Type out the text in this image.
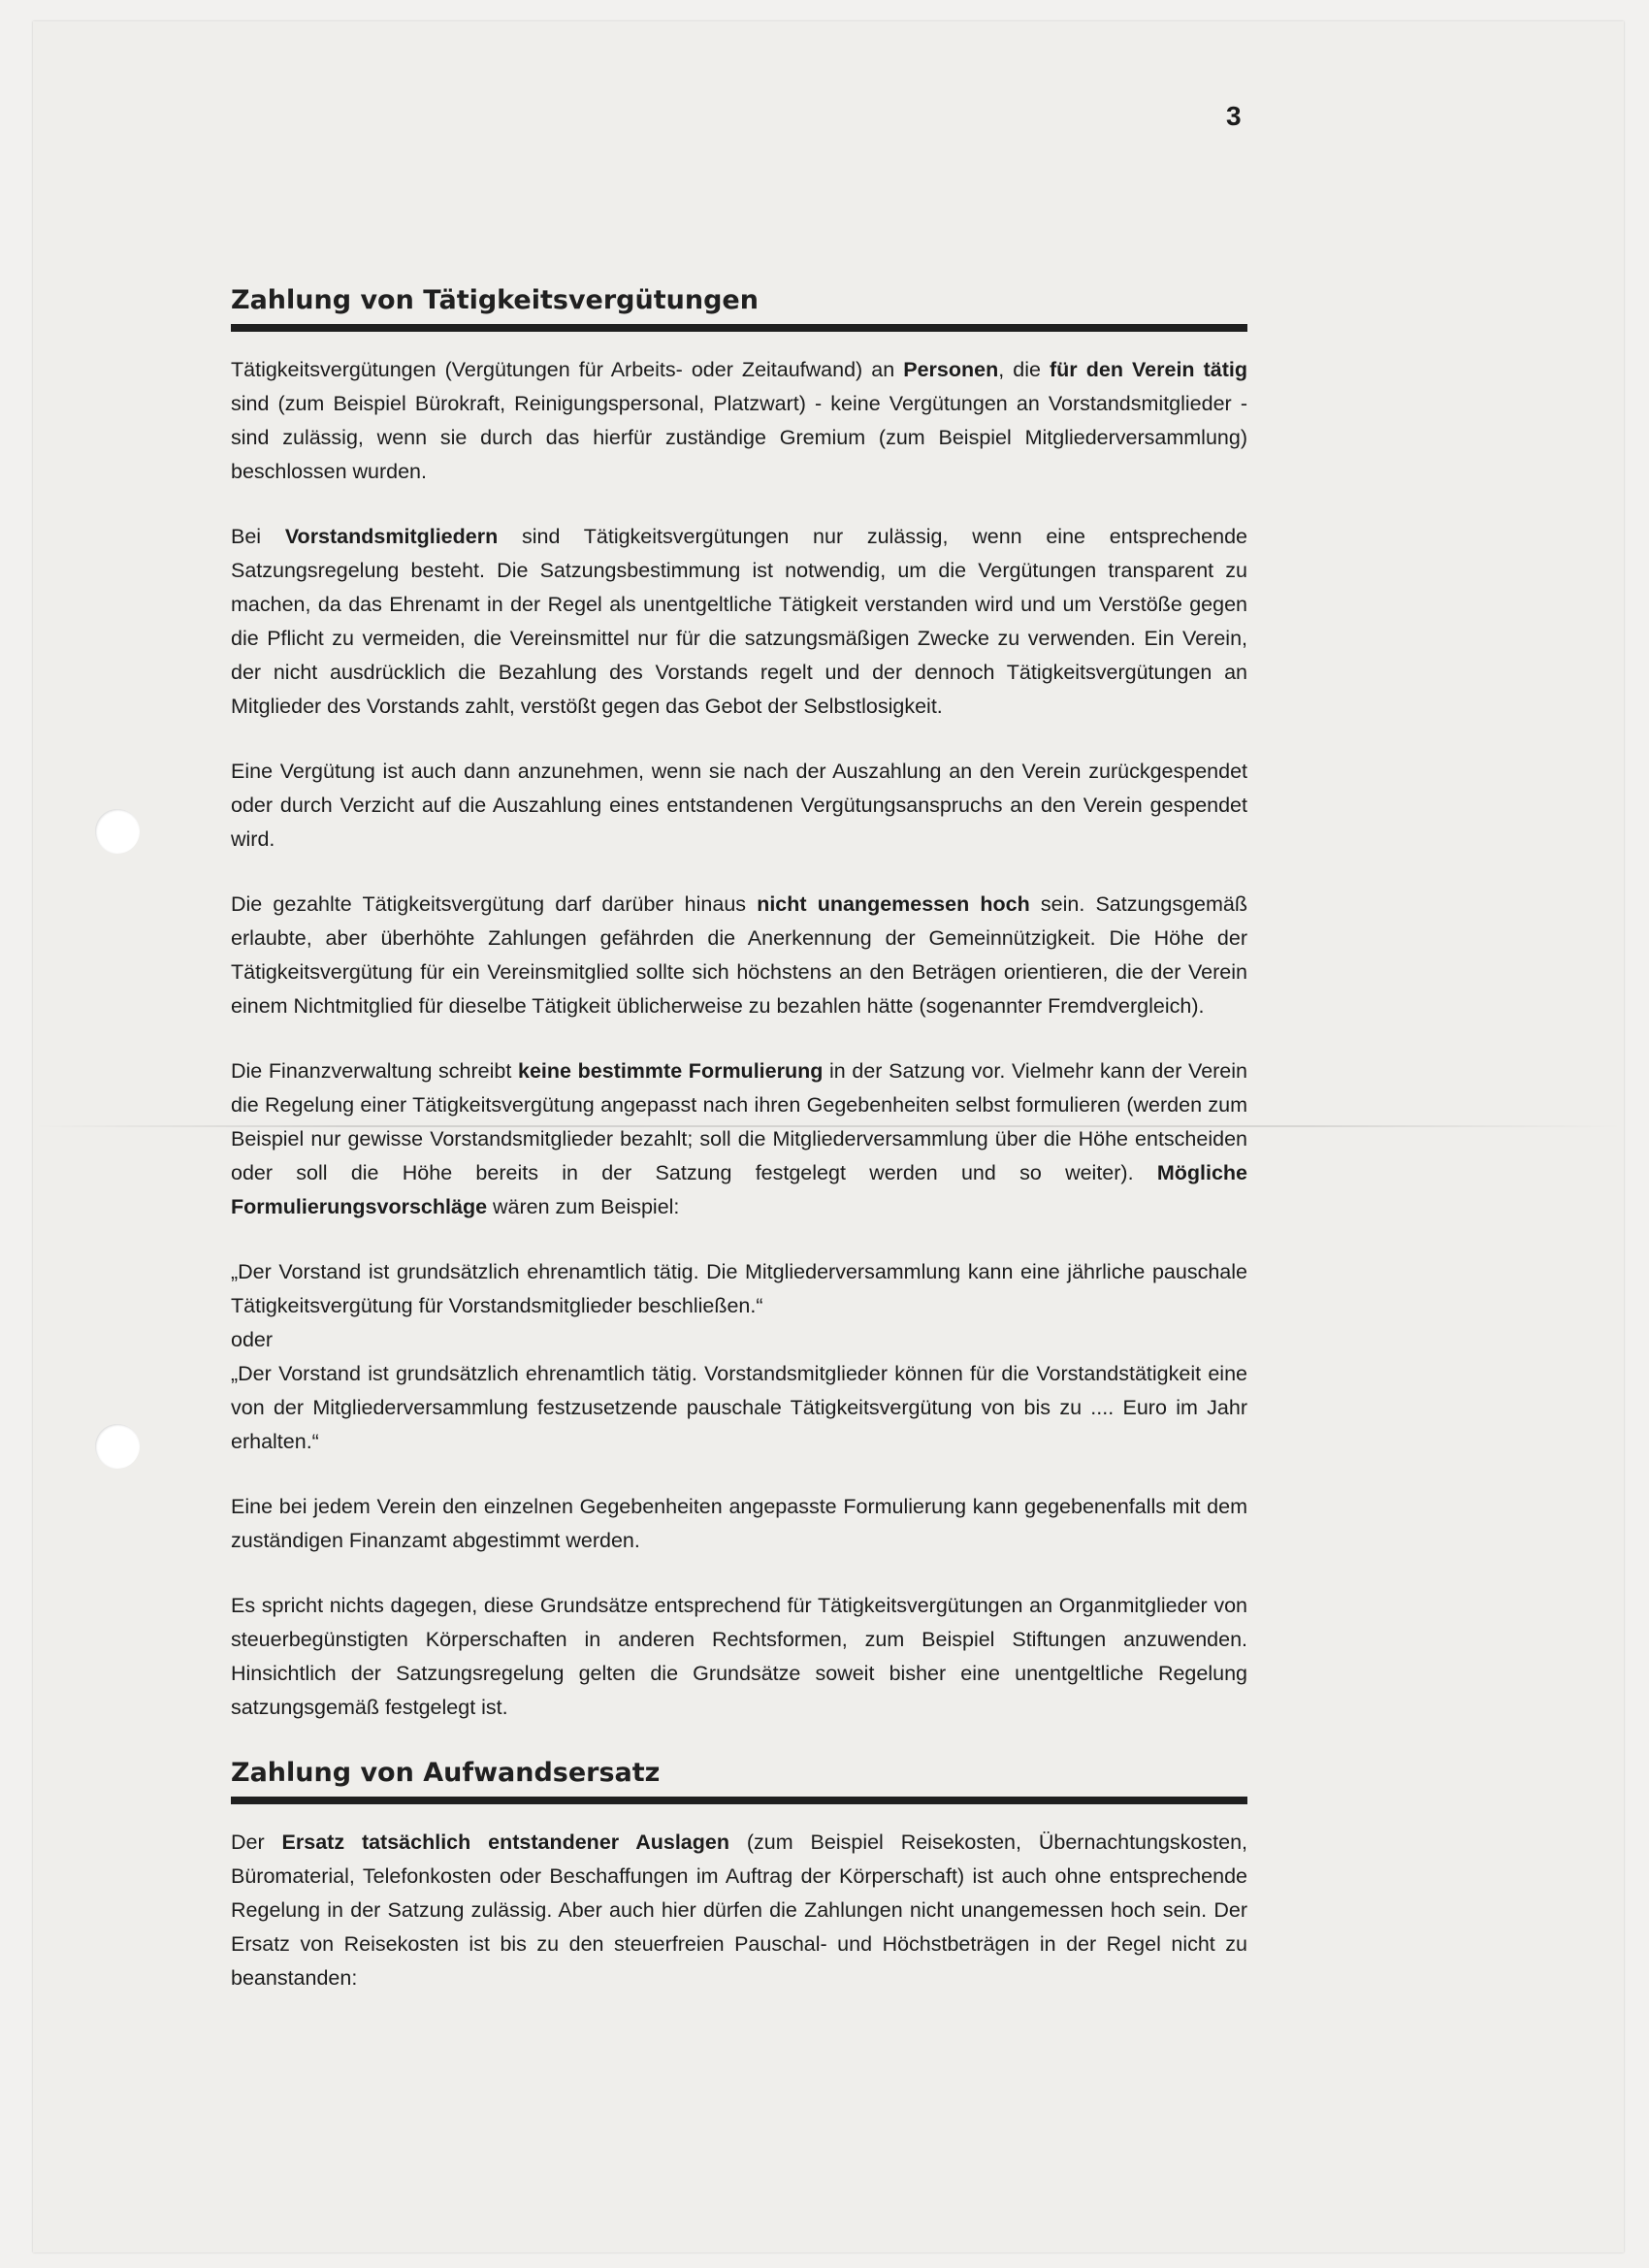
3
Zahlung von Tätigkeitsvergütungen

Tätigkeitsvergütungen (Vergütungen für Arbeits- oder Zeitaufwand) an Personen, die für den Verein tätig sind (zum Beispiel Bürokraft, Reinigungspersonal, Platzwart) - keine Vergütungen an Vorstandsmitglieder - sind zulässig, wenn sie durch das hierfür zuständige Gremium (zum Beispiel Mitgliederversammlung) beschlossen wurden.

Bei Vorstandsmitgliedern sind Tätigkeitsvergütungen nur zulässig, wenn eine entsprechende Satzungsregelung besteht. Die Satzungsbestimmung ist notwendig, um die Vergütungen transparent zu machen, da das Ehrenamt in der Regel als unentgeltliche Tätigkeit verstanden wird und um Verstöße gegen die Pflicht zu vermeiden, die Vereinsmittel nur für die satzungsmäßigen Zwecke zu verwenden. Ein Verein, der nicht ausdrücklich die Bezahlung des Vorstands regelt und der dennoch Tätigkeitsvergütungen an Mitglieder des Vorstands zahlt, verstößt gegen das Gebot der Selbstlosigkeit.

Eine Vergütung ist auch dann anzunehmen, wenn sie nach der Auszahlung an den Verein zurückgespendet oder durch Verzicht auf die Auszahlung eines entstandenen Vergütungsanspruchs an den Verein gespendet wird.

Die gezahlte Tätigkeitsvergütung darf darüber hinaus nicht unangemessen hoch sein. Satzungsgemäß erlaubte, aber überhöhte Zahlungen gefährden die Anerkennung der Gemeinnützigkeit. Die Höhe der Tätigkeitsvergütung für ein Vereinsmitglied sollte sich höchstens an den Beträgen orientieren, die der Verein einem Nichtmitglied für dieselbe Tätigkeit üblicherweise zu bezahlen hätte (sogenannter Fremdvergleich).

Die Finanzverwaltung schreibt keine bestimmte Formulierung in der Satzung vor. Vielmehr kann der Verein die Regelung einer Tätigkeitsvergütung angepasst nach ihren Gegebenheiten selbst formulieren (werden zum Beispiel nur gewisse Vorstandsmitglieder bezahlt; soll die Mitgliederversammlung über die Höhe entscheiden oder soll die Höhe bereits in der Satzung festgelegt werden und so weiter). Mögliche Formulierungsvorschläge wären zum Beispiel:

„Der Vorstand ist grundsätzlich ehrenamtlich tätig. Die Mitgliederversammlung kann eine jährliche pauschale Tätigkeitsvergütung für Vorstandsmitglieder beschließen.“

oder

„Der Vorstand ist grundsätzlich ehrenamtlich tätig. Vorstandsmitglieder können für die Vorstandstätigkeit eine von der Mitgliederversammlung festzusetzende pauschale Tätigkeitsvergütung von bis zu .... Euro im Jahr erhalten.“

Eine bei jedem Verein den einzelnen Gegebenheiten angepasste Formulierung kann gegebenenfalls mit dem zuständigen Finanzamt abgestimmt werden.

Es spricht nichts dagegen, diese Grundsätze entsprechend für Tätigkeitsvergütungen an Organmitglieder von steuerbegünstigten Körperschaften in anderen Rechtsformen, zum Beispiel Stiftungen anzuwenden. Hinsichtlich der Satzungsregelung gelten die Grundsätze soweit bisher eine unentgeltliche Regelung satzungsgemäß festgelegt ist.

Zahlung von Aufwandsersatz

Der Ersatz tatsächlich entstandener Auslagen (zum Beispiel Reisekosten, Übernachtungskosten, Büromaterial, Telefonkosten oder Beschaffungen im Auftrag der Körperschaft) ist auch ohne entsprechende Regelung in der Satzung zulässig. Aber auch hier dürfen die Zahlungen nicht unangemessen hoch sein. Der Ersatz von Reisekosten ist bis zu den steuerfreien Pauschal- und Höchstbeträgen in der Regel nicht zu beanstanden:
